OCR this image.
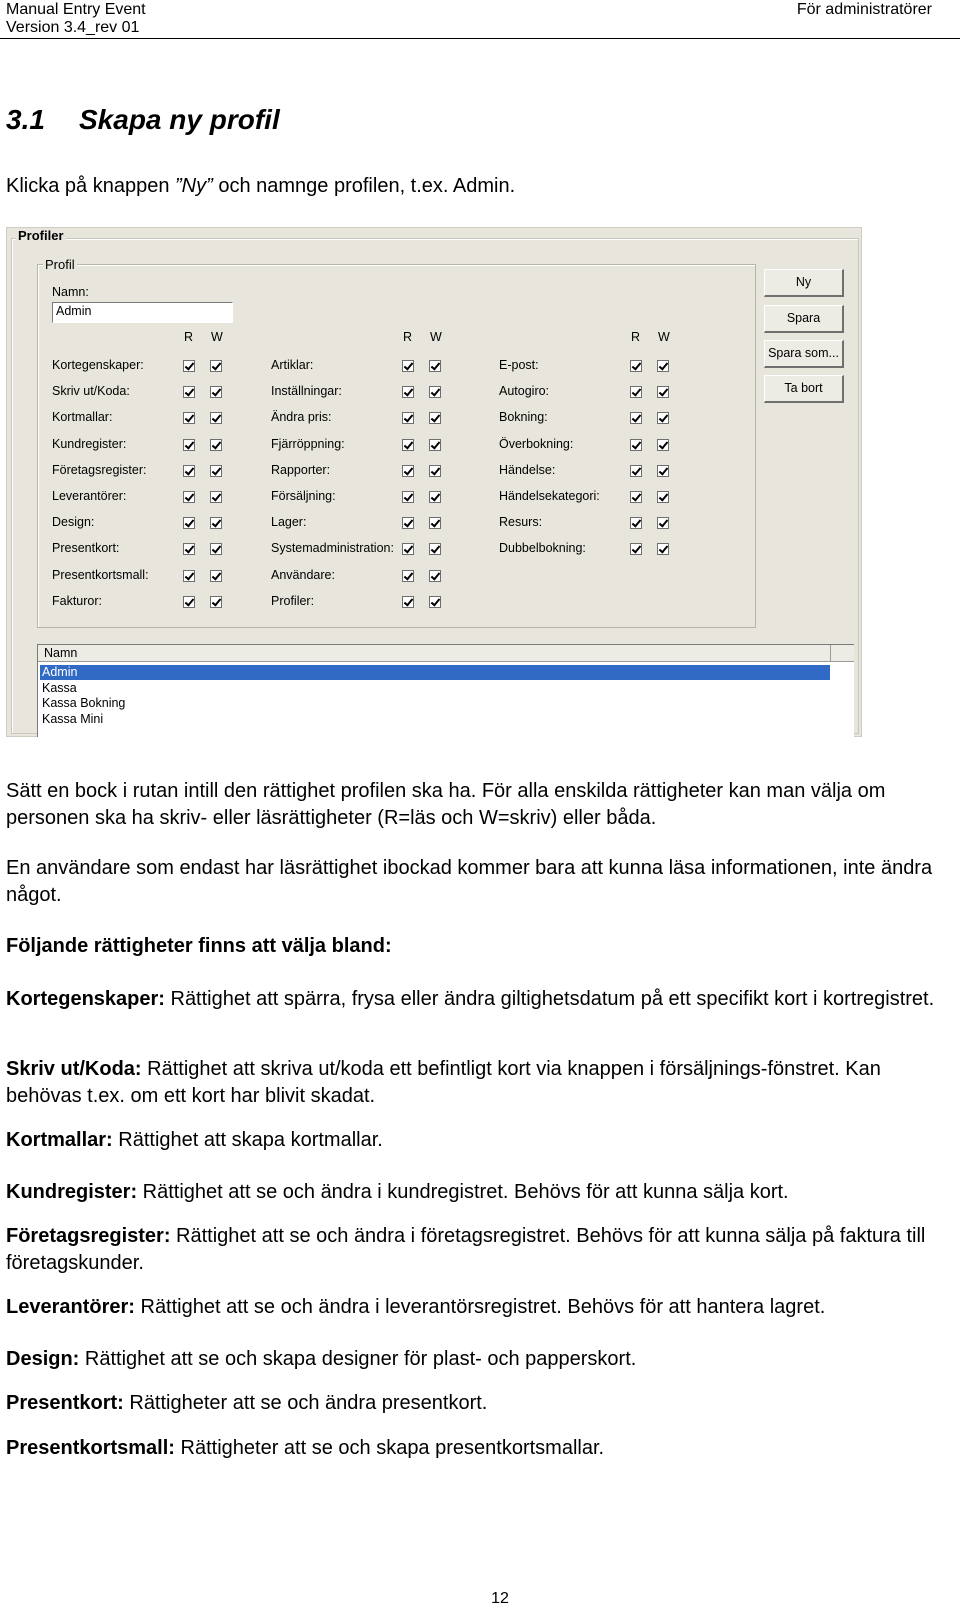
Manual Entry Event
Version 3.4_rev 01
För administratörer
3.1 Skapa ny profil
Klicka på knappen ”Ny” och namnge profilen, t.ex. Admin.
Profiler
Profil
Namn:
Admin
R W
Kortegenskaper:
Skriv ut/Koda:
Kortmallar:
Kundregister:
Företagsregister:
Leverantörer:
Design:
Presentkort:
Presentkortsmall:
Fakturor:
R W
Artiklar:
Inställningar:
Ändra pris:
Fjärröppning:
Rapporter:
Försäljning:
Lager:
Systemadministration:
Användare:
Profiler:
R W
E-post:
Autogiro:
Bokning:
Överbokning:
Händelse:
Händelsekategori:
Resurs:
Dubbelbokning:
Ny
Spara
Spara som...
Ta bort
Namn
Admin
Kassa
Kassa Bokning
Kassa Mini
Sätt en bock i rutan intill den rättighet profilen ska ha. För alla enskilda rättigheter kan man välja om personen ska ha skriv- eller läsrättigheter (R=läs och W=skriv) eller båda.
En användare som endast har läsrättighet ibockad kommer bara att kunna läsa informationen, inte ändra något.
Följande rättigheter finns att välja bland:
Kortegenskaper: Rättighet att spärra, frysa eller ändra giltighetsdatum på ett specifikt kort i kortregistret.
Skriv ut/Koda: Rättighet att skriva ut/koda ett befintligt kort via knappen i försäljnings-fönstret. Kan behövas t.ex. om ett kort har blivit skadat.
Kortmallar: Rättighet att skapa kortmallar.
Kundregister: Rättighet att se och ändra i kundregistret. Behövs för att kunna sälja kort.
Företagsregister: Rättighet att se och ändra i företagsregistret. Behövs för att kunna sälja på faktura till företagskunder.
Leverantörer: Rättighet att se och ändra i leverantörsregistret. Behövs för att hantera lagret.
Design: Rättighet att se och skapa designer för plast- och papperskort.
Presentkort: Rättigheter att se och ändra presentkort.
Presentkortsmall: Rättigheter att se och skapa presentkortsmallar.
12
